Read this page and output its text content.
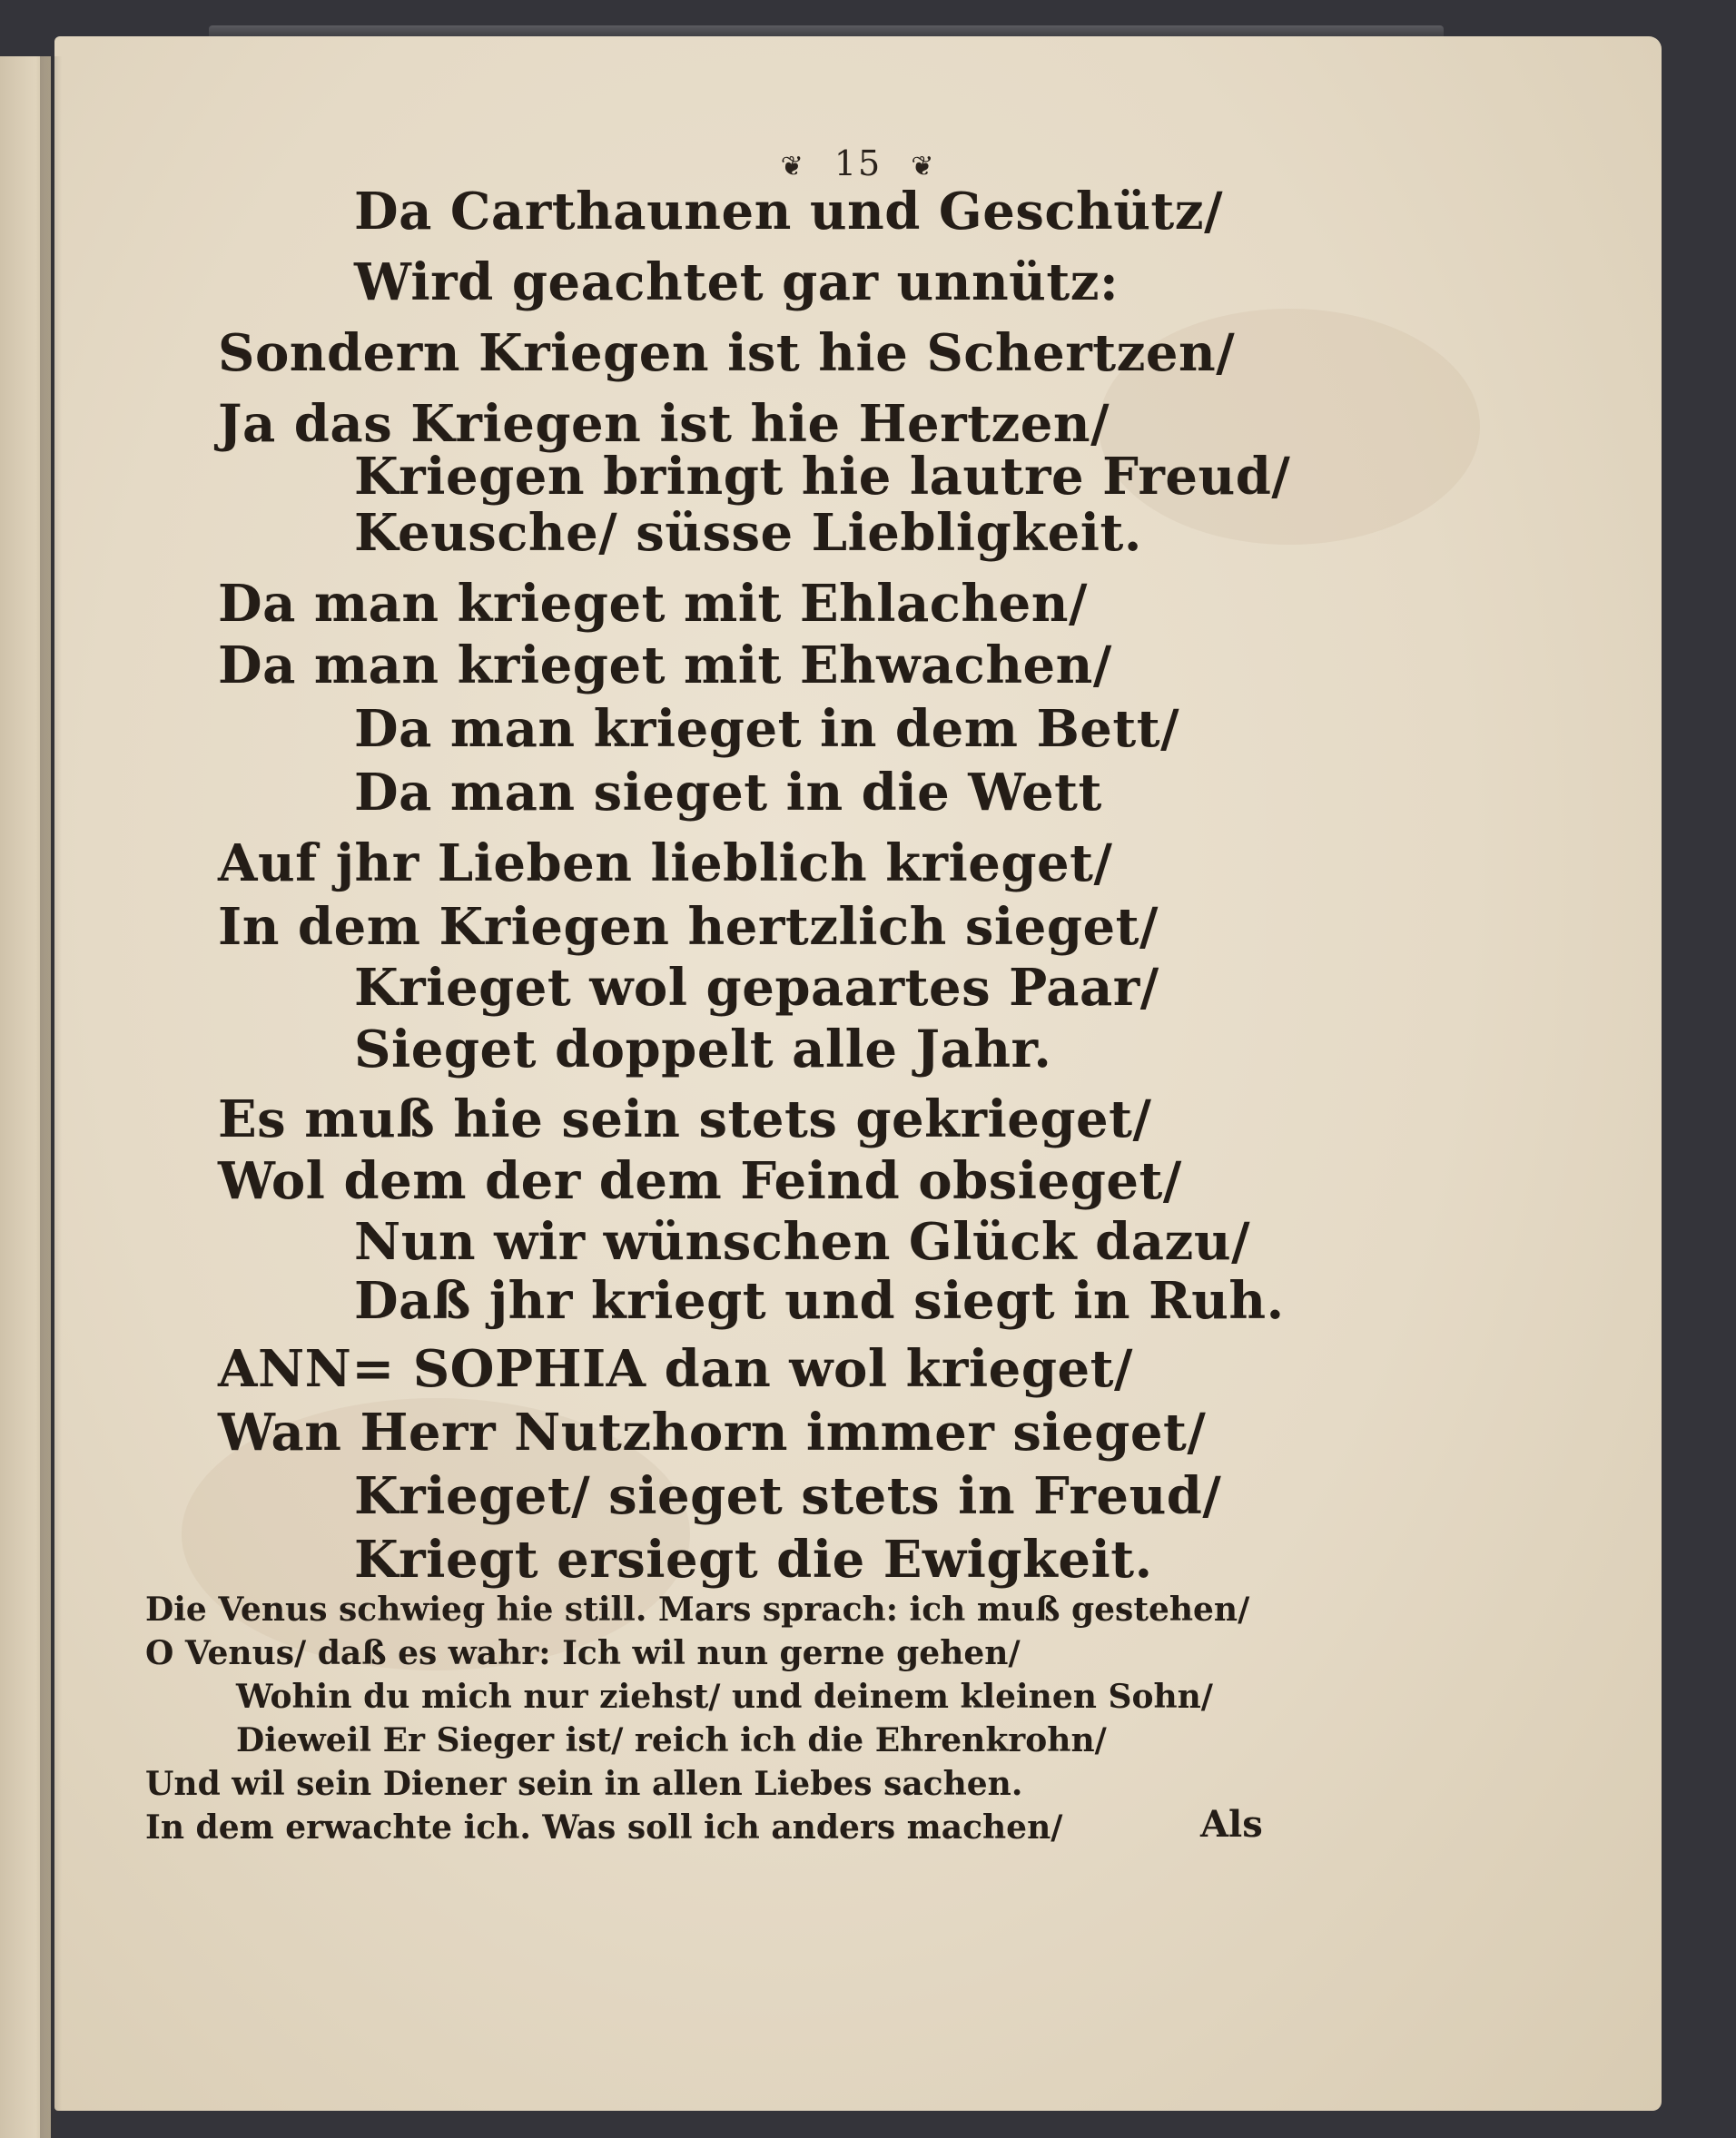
❦ 15 ❦
Da Carthaunen und Geschütz/
Wird geachtet gar unnütz:
Sondern Kriegen ist hie Schertzen/
Ja das Kriegen ist hie Hertzen/
Kriegen bringt hie lautre Freud/
Keusche/ süsse Liebligkeit.
Da man krieget mit Ehlachen/
Da man krieget mit Ehwachen/
Da man krieget in dem Bett/
Da man sieget in die Wett
Auf jhr Lieben lieblich krieget/
In dem Kriegen hertzlich sieget/
Krieget wol gepaartes Paar/
Sieget doppelt alle Jahr.
Es muß hie sein stets gekrieget/
Wol dem der dem Feind obsieget/
Nun wir wünschen Glück dazu/
Daß jhr kriegt und siegt in Ruh.
ANN= SOPHIA dan wol krieget/
Wan Herr Nutzhorn immer sieget/
Krieget/ sieget stets in Freud/
Kriegt ersiegt die Ewigkeit.
Die Venus schwieg hie still. Mars sprach: ich muß gestehen/
O Venus/ daß es wahr: Ich wil nun gerne gehen/
Wohin du mich nur ziehst/ und deinem kleinen Sohn/
Dieweil Er Sieger ist/ reich ich die Ehrenkrohn/
Und wil sein Diener sein in allen Liebes sachen.
In dem erwachte ich. Was soll ich anders machen/	Als
